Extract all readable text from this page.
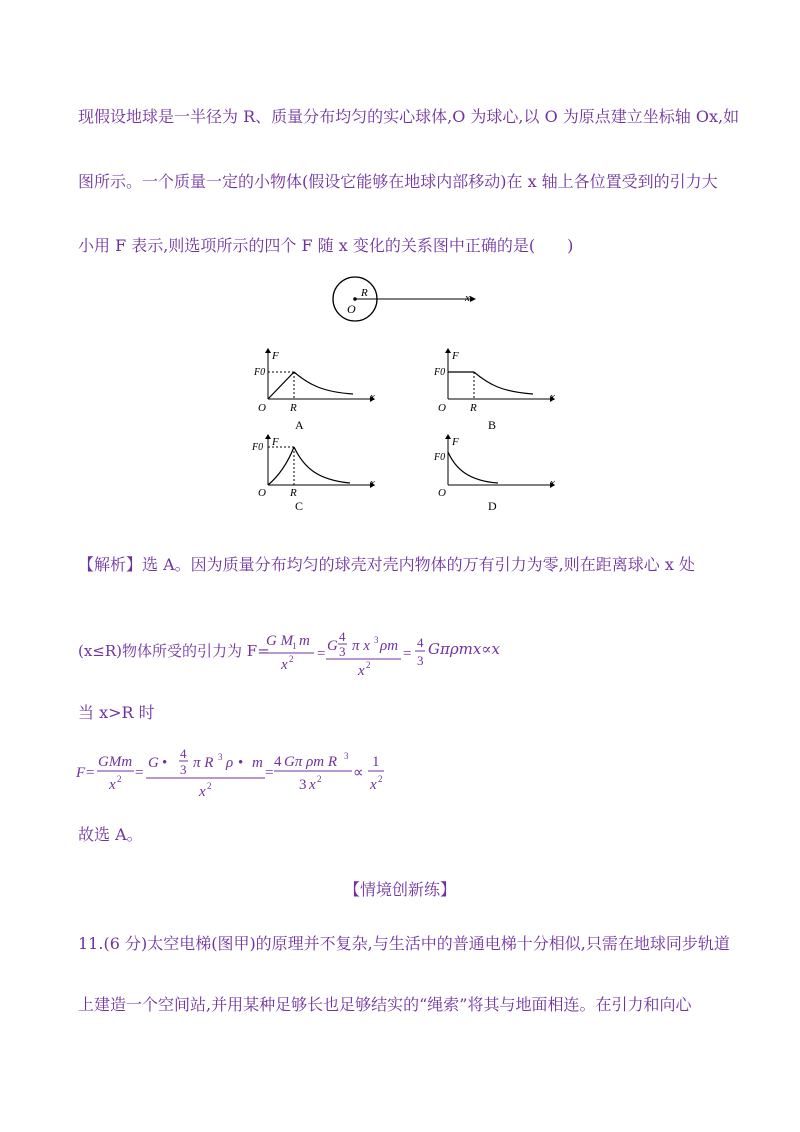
现假设地球是一半径为 R、质量分布均匀的实心球体,O 为球心,以 O 为原点建立坐标轴 Ox,如
图所示。一个质量一定的小物体(假设它能够在地球内部移动)在 x 轴上各位置受到的引力大
小用 F 表示,则选项所示的四个 F 随 x 变化的关系图中正确的是(　　)
O
R	x
F
F0
x
O R
A
F
F0
x
O R
B
F
F0
x
O R
C
F
F0
x
O
D
【解析】选 A。因为质量分布均匀的球壳对壳内物体的万有引力为零,则在距离球心 x 处
(x≤R)物体所受的引力为 F=
G M
1 m
x 2 = G
4
3 π x 3 ρm
x 2
=
4
3
Gπρmx∝x
当 x>R 时
F =
GMm
x 2 =
G •
4
3 π R 3 ρ • m
x 2
=
4 Gπ ρm R 3
3 x 2 ∝
1
x 2
故选 A。
【情境创新练】
11.(6 分)太空电梯(图甲)的原理并不复杂,与生活中的普通电梯十分相似,只需在地球同步轨道
上建造一个空间站,并用某种足够长也足够结实的“绳索”将其与地面相连。在引力和向心
